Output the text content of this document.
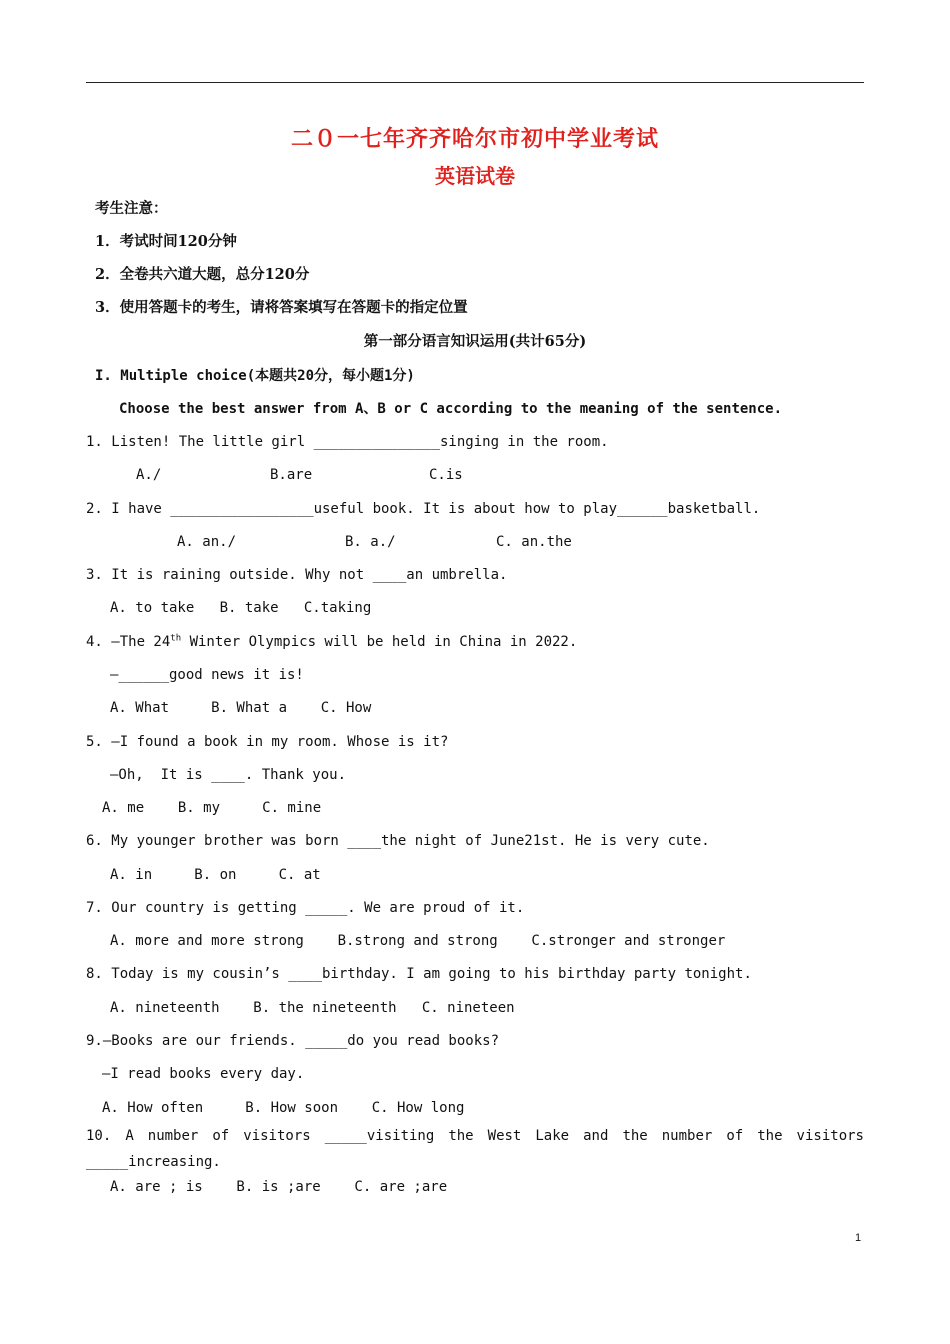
二０一七年齐齐哈尔市初中学业考试
英语试卷
考生注意：
1．考试时间120分钟
2．全卷共六道大题，总分120分
3．使用答题卡的考生，请将答案填写在答题卡的指定位置
第一部分语言知识运用(共计65分)
I. Multiple choice(本题共20分，每小题1分)
Choose the best answer from A、B or C according to the meaning of the sentence.
1. Listen! The little girl _______________singing in the room.
A./	B.are	C.is
2. I have _________________useful book. It is about how to play______basketball.
A. an./	B. a./	C. an.the
3. It is raining outside. Why not ____an umbrella.
A. to take   B. take   C.taking
4. —The 24th Winter Olympics will be held in China in 2022.
—______good news it is!
A. What     B. What a    C. How
5. —I found a book in my room. Whose is it?
—Oh,  It is ____. Thank you.
A. me    B. my     C. mine
6. My younger brother was born ____the night of June21st. He is very cute.
A. in     B. on     C. at
7. Our country is getting _____. We are proud of it.
A. more and more strong    B.strong and strong    C.stronger and stronger
8. Today is my cousin’s ____birthday. I am going to his birthday party tonight.
A. nineteenth    B. the nineteenth   C. nineteen
9.—Books are our friends. _____do you read books?
—I read books every day.
A. How often     B. How soon    C. How long
10. A number of visitors _____visiting the West Lake and the number of the visitors
_____increasing.
A. are ; is    B. is ;are    C. are ;are
1
